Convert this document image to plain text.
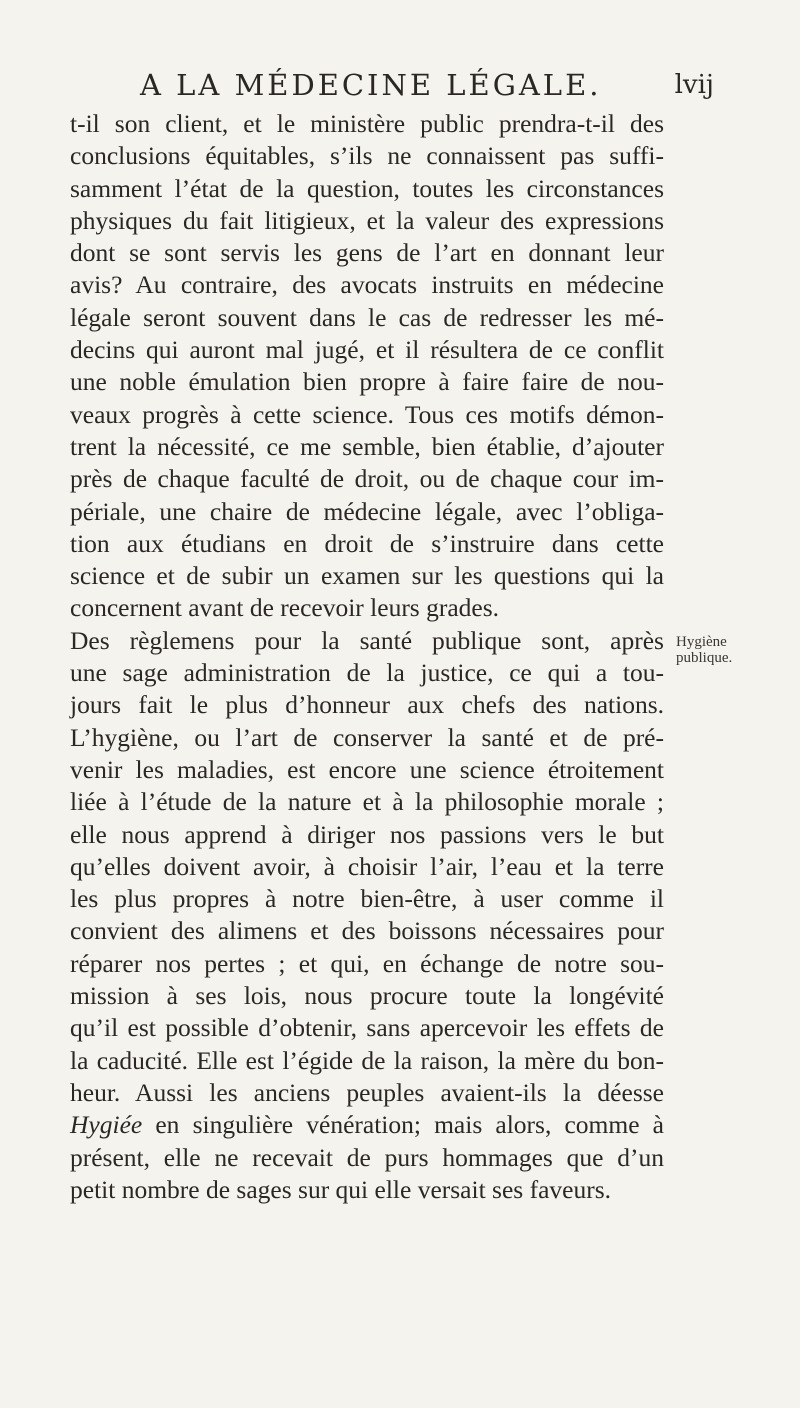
A LA MÉDECINE LÉGALE.	lvij
t-il son client, et le ministère public prendra-t-il des
conclusions équitables, s’ils ne connaissent pas suffi-
samment l’état de la question, toutes les circonstances
physiques du fait litigieux, et la valeur des expressions
dont se sont servis les gens de l’art en donnant leur
avis? Au contraire, des avocats instruits en médecine
légale seront souvent dans le cas de redresser les mé-
decins qui auront mal jugé, et il résultera de ce conflit
une noble émulation bien propre à faire faire de nou-
veaux progrès à cette science. Tous ces motifs démon-
trent la nécessité, ce me semble, bien établie, d’ajouter
près de chaque faculté de droit, ou de chaque cour im-
périale, une chaire de médecine légale, avec l’obliga-
tion aux étudians en droit de s’instruire dans cette
science et de subir un examen sur les questions qui la
concernent avant de recevoir leurs grades.
Des règlemens pour la santé publique sont, après
une sage administration de la justice, ce qui a tou-
jours fait le plus d’honneur aux chefs des nations.
L’hygiène, ou l’art de conserver la santé et de pré-
venir les maladies, est encore une science étroitement
liée à l’étude de la nature et à la philosophie morale ;
elle nous apprend à diriger nos passions vers le but
qu’elles doivent avoir, à choisir l’air, l’eau et la terre
les plus propres à notre bien-être, à user comme il
convient des alimens et des boissons nécessaires pour
réparer nos pertes ; et qui, en échange de notre sou-
mission à ses lois, nous procure toute la longévité
qu’il est possible d’obtenir, sans apercevoir les effets de
la caducité. Elle est l’égide de la raison, la mère du bon-
heur. Aussi les anciens peuples avaient-ils la déesse
Hygiée en singulière vénération; mais alors, comme à
présent, elle ne recevait de purs hommages que d’un
petit nombre de sages sur qui elle versait ses faveurs.
Hygiène publique.
